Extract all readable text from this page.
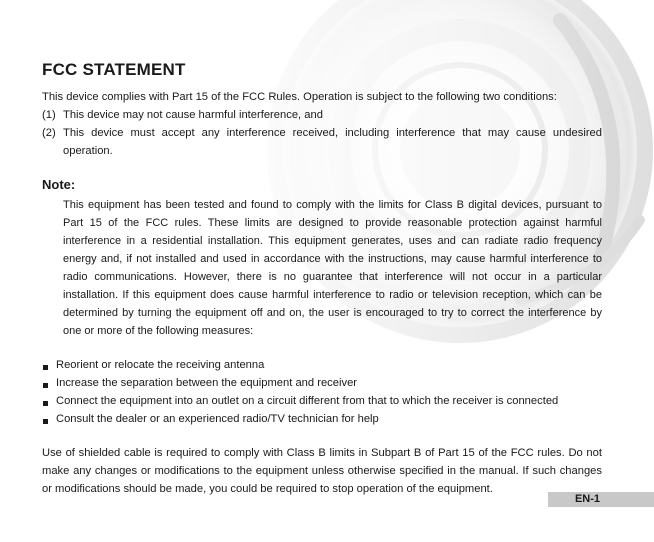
FCC STATEMENT

This device complies with Part 15 of the FCC Rules. Operation is subject to the following two conditions:

(1) This device may not cause harmful interference, and
(2) This device must accept any interference received, including interference that may cause undesired operation.
Note:

This equipment has been tested and found to comply with the limits for Class B digital devices, pursuant to Part 15 of the FCC rules. These limits are designed to provide reasonable protection against harmful interference in a residential installation. This equipment generates, uses and can radiate radio frequency energy and, if not installed and used in accordance with the instructions, may cause harmful interference to radio communications. However, there is no guarantee that interference will not occur in a particular installation. If this equipment does cause harmful interference to radio or television reception, which can be determined by turning the equipment off and on, the user is encouraged to try to correct the interference by one or more of the following measures:

Reorient or relocate the receiving antenna
Increase the separation between the equipment and receiver
Connect the equipment into an outlet on a circuit different from that to which the receiver is connected
Consult the dealer or an experienced radio/TV technician for help

Use of shielded cable is required to comply with Class B limits in Subpart B of Part 15 of the FCC rules. Do not make any changes or modifications to the equipment unless otherwise specified in the manual. If such changes or modifications should be made, you could be required to stop operation of the equipment.

EN-1
